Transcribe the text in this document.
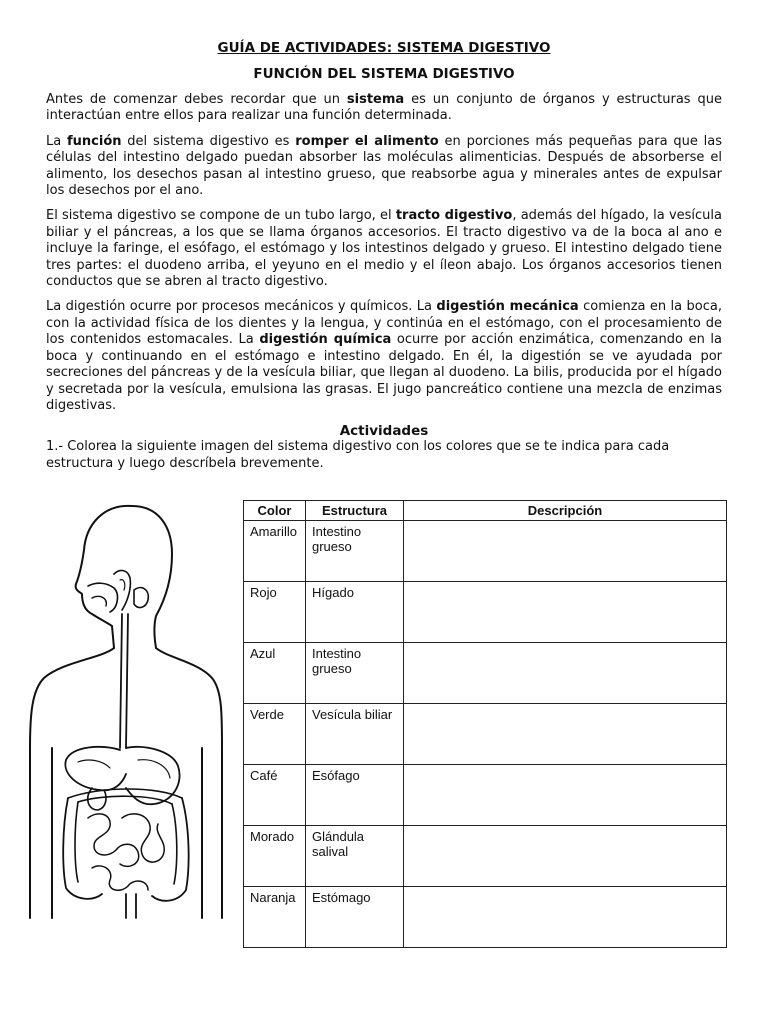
GUÍA DE ACTIVIDADES: SISTEMA DIGESTIVO
FUNCIÓN DEL SISTEMA DIGESTIVO

Antes de comenzar debes recordar que un sistema es un conjunto de órganos y estructuras que interactúan entre ellos para realizar una función determinada.

La función del sistema digestivo es romper el alimento en porciones más pequeñas para que las células del intestino delgado puedan absorber las moléculas alimenticias. Después de absorberse el alimento, los desechos pasan al intestino grueso, que reabsorbe agua y minerales antes de expulsar los desechos por el ano.

El sistema digestivo se compone de un tubo largo, el tracto digestivo, además del hígado, la vesícula biliar y el páncreas, a los que se llama órganos accesorios. El tracto digestivo va de la boca al ano e incluye la faringe, el esófago, el estómago y los intestinos delgado y grueso. El intestino delgado tiene tres partes: el duodeno arriba, el yeyuno en el medio y el íleon abajo. Los órganos accesorios tienen conductos que se abren al tracto digestivo.

La digestión ocurre por procesos mecánicos y químicos. La digestión mecánica comienza en la boca, con la actividad física de los dientes y la lengua, y continúa en el estómago, con el procesamiento de los contenidos estomacales. La digestión química ocurre por acción enzimática, comenzando en la boca y continuando en el estómago e intestino delgado. En él, la digestión se ve ayudada por secreciones del páncreas y de la vesícula biliar, que llegan al duodeno. La bilis, producida por el hígado y secretada por la vesícula, emulsiona las grasas. El jugo pancreático contiene una mezcla de enzimas digestivas.

Actividades
1.- Colorea la siguiente imagen del sistema digestivo con los colores que se te indica para cada estructura y luego descríbela brevemente.
Color	Estructura	Descripción
Amarillo	Intestino grueso	
Rojo	Hígado	
Azul	Intestino grueso	
Verde	Vesícula biliar	
Café	Esófago	
Morado	Glándula salival	
Naranja	Estómago	
